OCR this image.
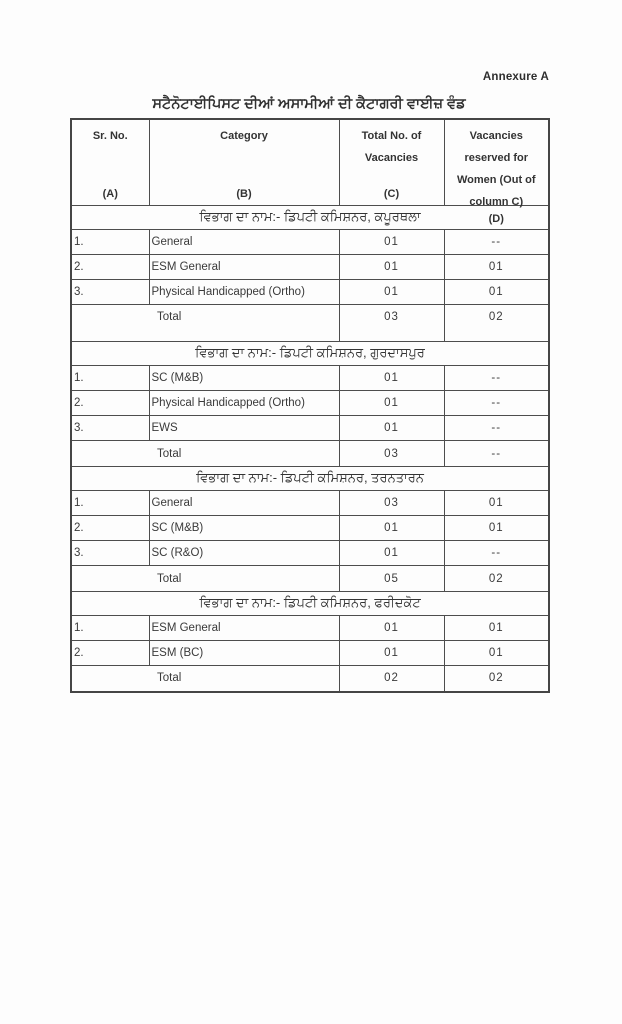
Annexure A
ਸਟੈਨੋਟਾਈਪਿਸਟ ਦੀਆਂ ਅਸਾਮੀਆਂ ਦੀ ਕੈਟਾਗਰੀ ਵਾਈਜ਼ ਵੰਡ
Sr. No.
(A)

Category
(B)

Total No. of Vacancies
(C)

Vacancies reserved for Women (Out of column C)
(D)

ਵਿਭਾਗ ਦਾ ਨਾਮ:- ਡਿਪਟੀ ਕਮਿਸ਼ਨਰ, ਕਪੂਰਥਲਾ			
1.	General	01	--
2.	ESM General	01	01
3.	Physical Handicapped (Ortho)	01	01
Total		03	02
ਵਿਭਾਗ ਦਾ ਨਾਮ:- ਡਿਪਟੀ ਕਮਿਸ਼ਨਰ, ਗੁਰਦਾਸਪੁਰ			
1.	SC (M&B)	01	--
2.	Physical Handicapped (Ortho)	01	--
3.	EWS	01	--
Total		03	--
ਵਿਭਾਗ ਦਾ ਨਾਮ:- ਡਿਪਟੀ ਕਮਿਸ਼ਨਰ, ਤਰਨਤਾਰਨ			
1.	General	03	01
2.	SC (M&B)	01	01
3.	SC (R&O)	01	--
Total		05	02
ਵਿਭਾਗ ਦਾ ਨਾਮ:- ਡਿਪਟੀ ਕਮਿਸ਼ਨਰ, ਫਰੀਦਕੋਟ			
1.	ESM General	01	01
2.	ESM (BC)	01	01
Total		02	02
